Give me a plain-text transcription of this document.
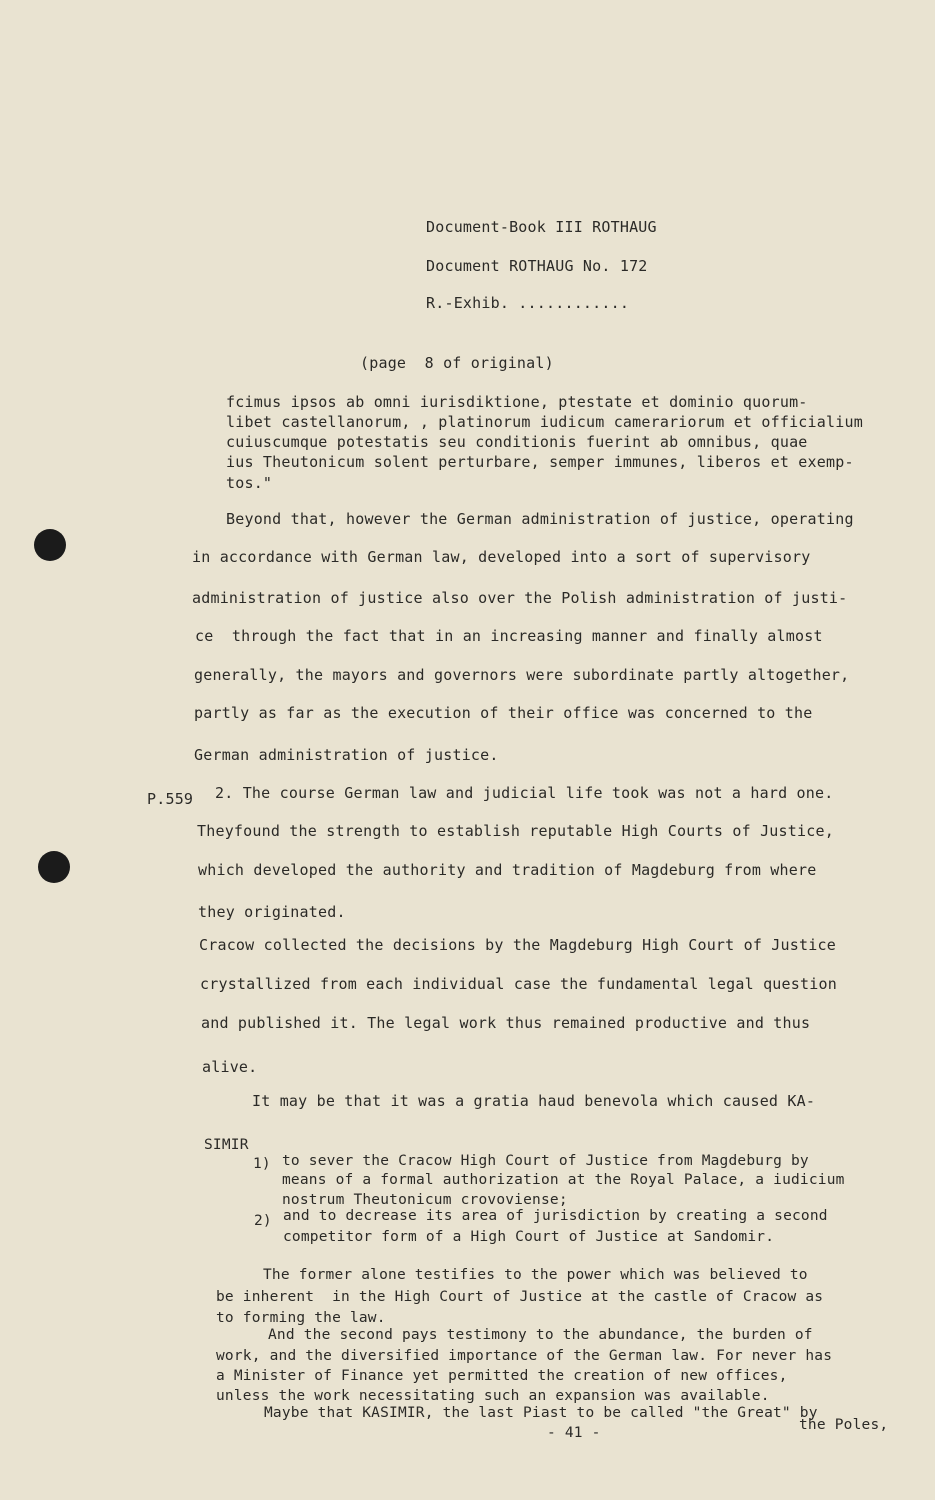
Document-Book III ROTHAUG
Document ROTHAUG No. 172
R.-Exhib. ............
(page  8 of original)
fcimus ipsos ab omni iurisdiktione, ptestate et dominio quorum-
libet castellanorum, , platinorum iudicum camerariorum et officialium
cuiuscumque potestatis seu conditionis fuerint ab omnibus, quae
ius Theutonicum solent perturbare, semper immunes, liberos et exemp-
tos."
Beyond that, however the German administration of justice, operating
in accordance with German law, developed into a sort of supervisory
administration of justice also over the Polish administration of justi-
ce  through the fact that in an increasing manner and finally almost
generally, the mayors and governors were subordinate partly altogether,
partly as far as the execution of their office was concerned to the
German administration of justice.
P.559 2. The course German law and judicial life took was not a hard one.
Theyfound the strength to establish reputable High Courts of Justice,
which developed the authority and tradition of Magdeburg from where
they originated.
Cracow collected the decisions by the Magdeburg High Court of Justice
crystallized from each individual case the fundamental legal question
and published it. The legal work thus remained productive and thus
alive.
It may be that it was a gratia haud benevola which caused KA-
SIMIR
1) to sever the Cracow High Court of Justice from Magdeburg by
means of a formal authorization at the Royal Palace, a iudicium
nostrum Theutonicum crovoviense;
2) and to decrease its area of jurisdiction by creating a second
competitor form of a High Court of Justice at Sandomir.
The former alone testifies to the power which was believed to
be inherent  in the High Court of Justice at the castle of Cracow as
to forming the law.
And the second pays testimony to the abundance, the burden of
work, and the diversified importance of the German law. For never has
a Minister of Finance yet permitted the creation of new offices,
unless the work necessitating such an expansion was available.
Maybe that KASIMIR, the last Piast to be called "the Great" by
- 41 -	the Poles,
